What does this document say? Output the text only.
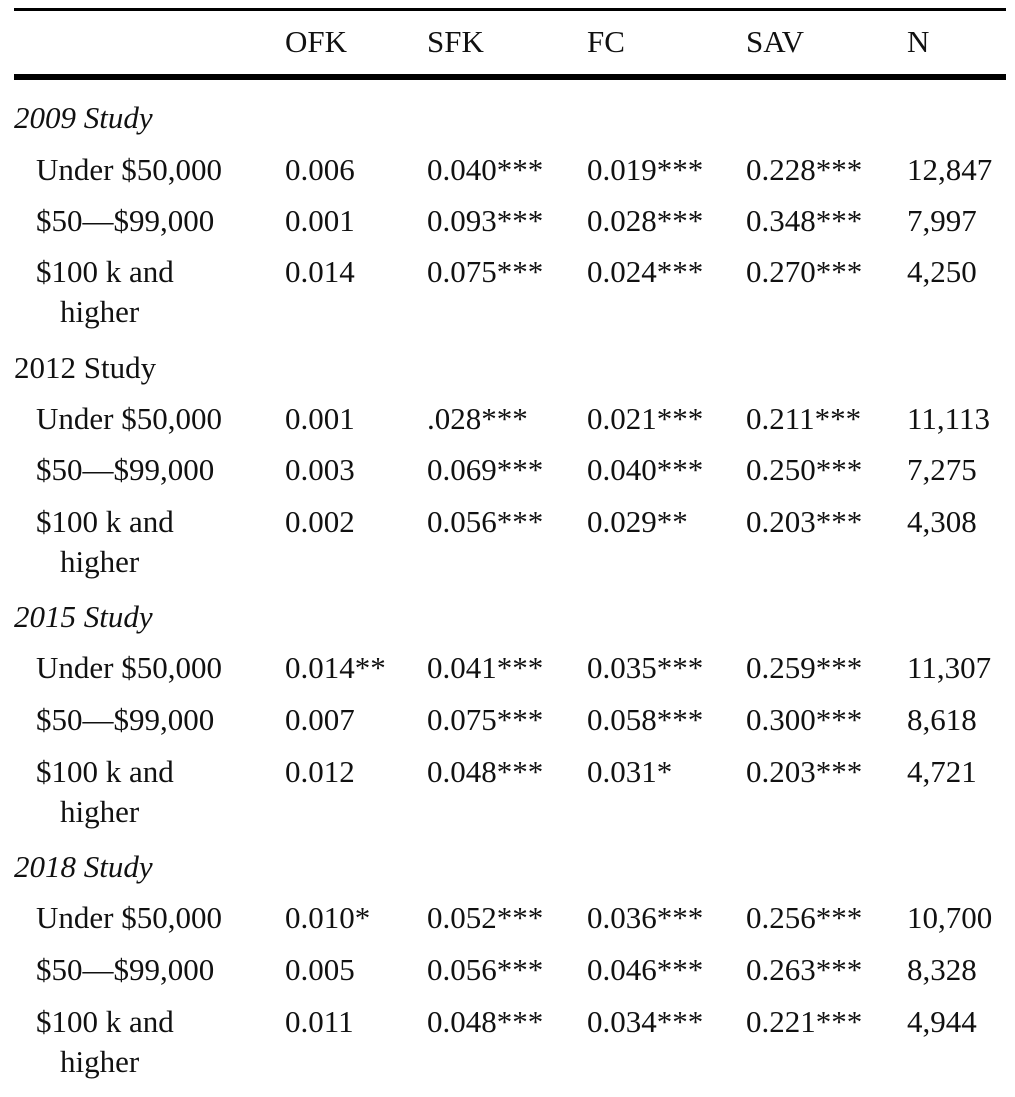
OFK	SFK	FC	SAV	N
2009 Study
Under $50,000 0.006 0.040*** 0.019*** 0.228*** 12,847
$50—$99,000 0.001 0.093*** 0.028*** 0.348*** 7,997
$100 k and
higher
0.014 0.075*** 0.024*** 0.270*** 4,250
2012 Study
Under $50,000 0.001 .028*** 0.021*** 0.211*** 11,113
$50—$99,000 0.003 0.069*** 0.040*** 0.250*** 7,275
$100 k and
higher
0.002 0.056*** 0.029** 0.203*** 4,308
2015 Study
Under $50,000 0.014** 0.041*** 0.035*** 0.259*** 11,307
$50—$99,000 0.007 0.075*** 0.058*** 0.300*** 8,618
$100 k and
higher
0.012 0.048*** 0.031* 0.203*** 4,721
2018 Study
Under $50,000 0.010* 0.052*** 0.036*** 0.256*** 10,700
$50—$99,000 0.005 0.056*** 0.046*** 0.263*** 8,328
$100 k and
higher
0.011 0.048*** 0.034*** 0.221*** 4,944
